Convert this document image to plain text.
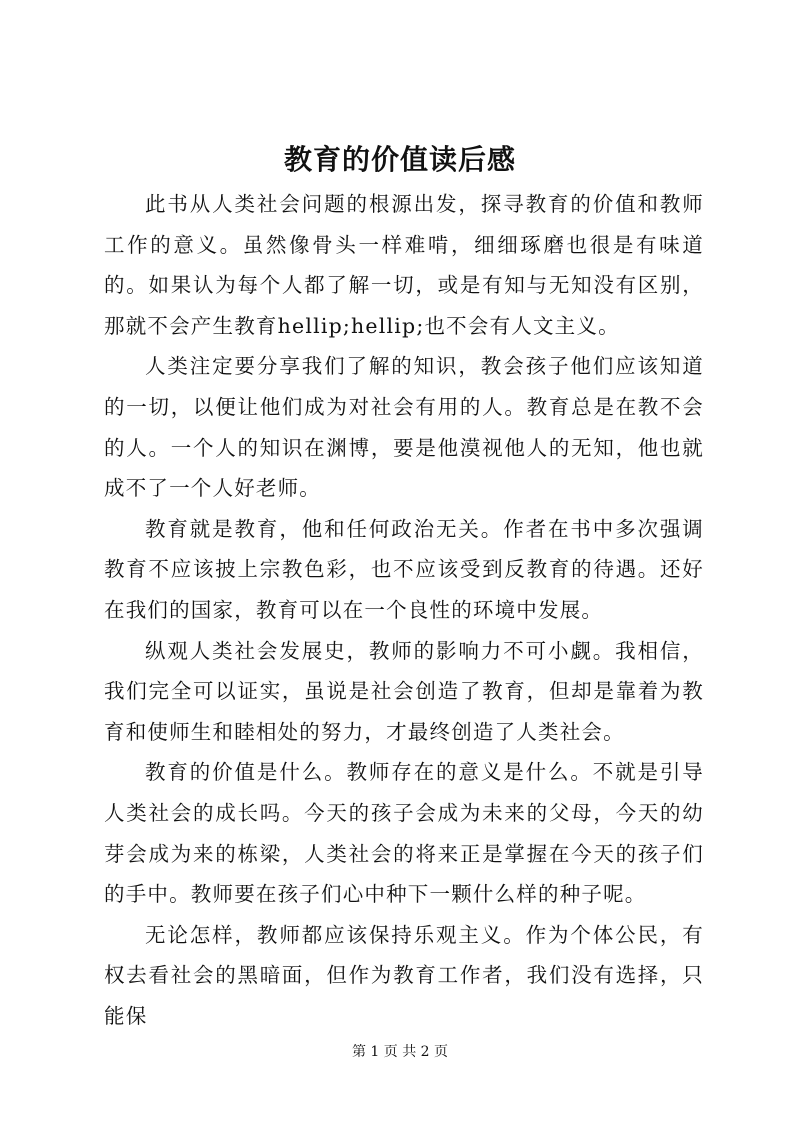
教育的价值读后感

此书从人类社会问题的根源出发，探寻教育的价值和教师工作的意义。虽然像骨头一样难啃，细细琢磨也很是有味道的。如果认为每个人都了解一切，或是有知与无知没有区别，那就不会产生教育hellip;hellip;也不会有人文主义。

人类注定要分享我们了解的知识，教会孩子他们应该知道的一切，以便让他们成为对社会有用的人。教育总是在教不会的人。一个人的知识在渊博，要是他漠视他人的无知，他也就成不了一个人好老师。

教育就是教育，他和任何政治无关。作者在书中多次强调教育不应该披上宗教色彩，也不应该受到反教育的待遇。还好在我们的国家，教育可以在一个良性的环境中发展。

纵观人类社会发展史，教师的影响力不可小觑。我相信，我们完全可以证实，虽说是社会创造了教育，但却是靠着为教育和使师生和睦相处的努力，才最终创造了人类社会。

教育的价值是什么。教师存在的意义是什么。不就是引导人类社会的成长吗。今天的孩子会成为未来的父母，今天的幼芽会成为来的栋梁，人类社会的将来正是掌握在今天的孩子们的手中。教师要在孩子们心中种下一颗什么样的种子呢。

无论怎样，教师都应该保持乐观主义。作为个体公民，有权去看社会的黑暗面，但作为教育工作者，我们没有选择，只能保

第 1 页 共 2 页
